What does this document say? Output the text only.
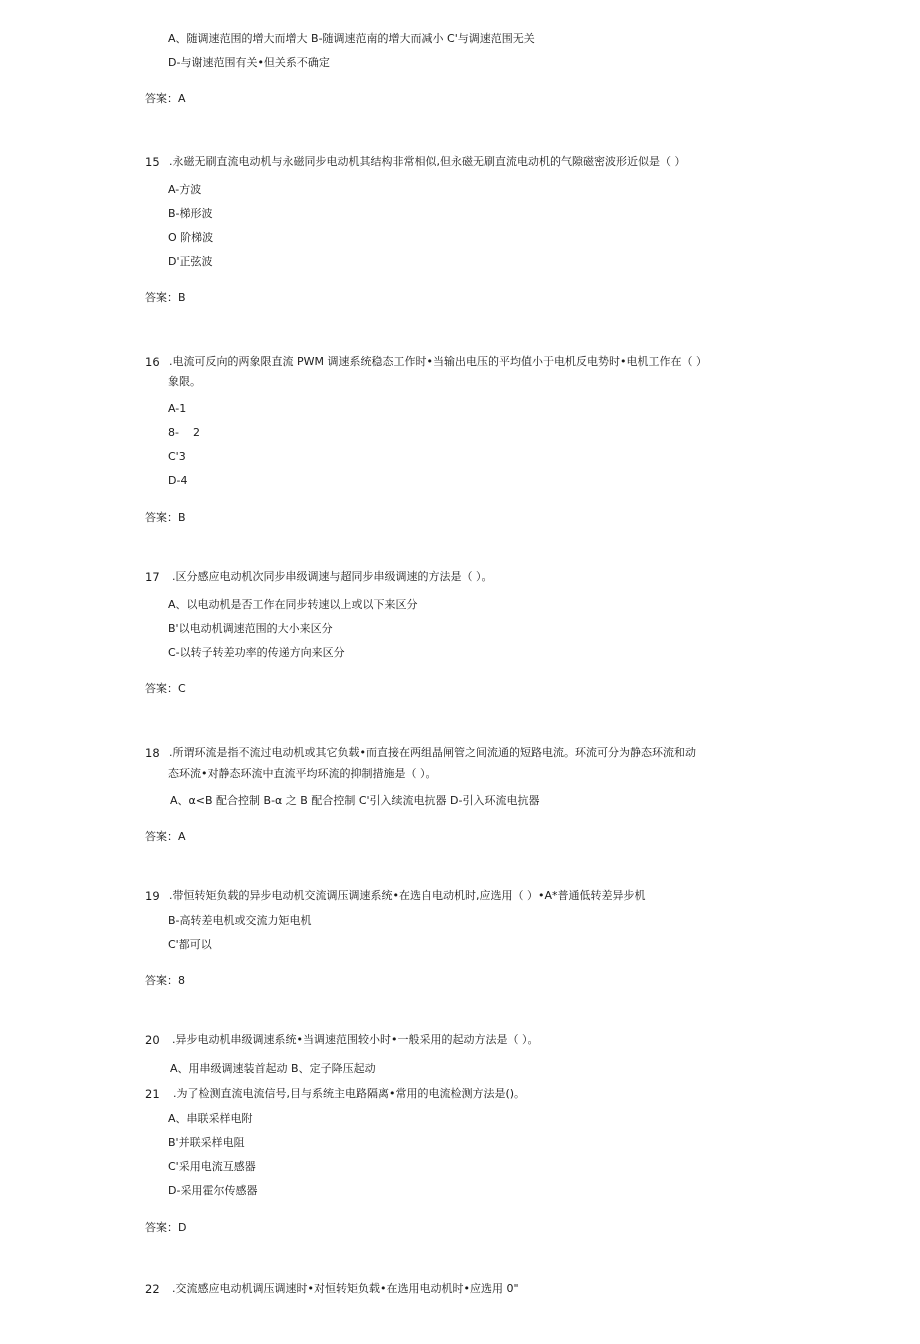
A、随调速范围的增大而增大 B-随调速范南的增大而减小 C'与调速范围无关
D-与谢速范围有关•但关系不确定
答案：A
15 .永磁无刷直流电动机与永磁同步电动机其结构非常相似,但永磁无刷直流电动机的气隙磁密波形近似是（ ）
A-方波
B-梯形波
O 阶梯波
D'正弦波
答案：B
16 .电流可反向的两象限直流 PWM 调速系统稳态工作时•当输出电压的平均值小于电机反电势时•电机工作在（ ）
象限。
A-1
8-    2
C'3
D-4
答案：B
17 .区分感应电动机次同步串级调速与超同步串级调速的方法是（ ）。
A、以电动机是否工作在同步转速以上或以下来区分
B'以电动机调速范围的大小来区分
C-以转子转差功率的传递方向来区分
答案：C
18 .所谓环流是指不流过电动机或其它负载•而直接在两组晶闸管之间流通的短路电流。环流可分为静态环流和动
态环流•对静态环流中直流平均环流的抑制措施是（ ）。
A、α<B 配合控制 B-α 之 B 配合控制 C'引入续流电抗器 D-引入环流电抗器
答案：A
19 .带恒转矩负载的异步电动机交流调压调速系统•在选自电动机时,应选用（ ）•A*普通低转差异步机
B-高转差电机或交流力矩电机
C'都可以
答案：8
20 .异步电动机串级调速系统•当调速范围较小时•一般采用的起动方法是（ ）。
A、用串级调速装首起动 B、定子降压起动
21 .为了检测直流电流信号,目与系统主电路隔离•常用的电流检测方法是()。
A、串联采样电附
B'并联采样电阻
C'采用电流互感器
D-采用霍尔传感器
答案：D
22 .交流感应电动机调压调速时•对恒转矩负载•在选用电动机时•应选用 0"
